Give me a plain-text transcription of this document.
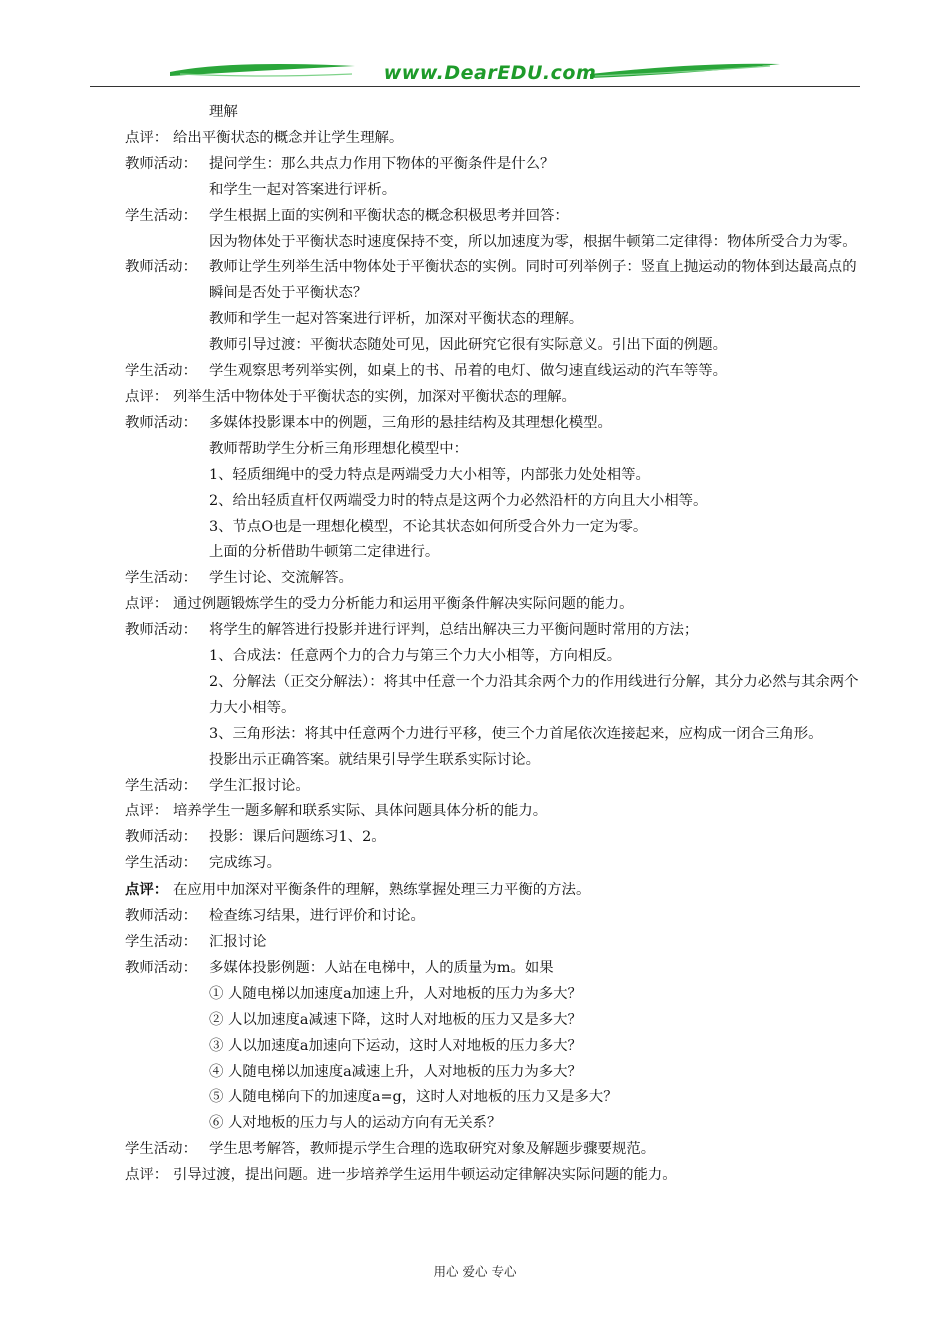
www.DearEDU.com
理解
点评： 给出平衡状态的概念并让学生理解。
教师活动： 提问学生：那么共点力作用下物体的平衡条件是什么？
和学生一起对答案进行评析。
学生活动： 学生根据上面的实例和平衡状态的概念积极思考并回答：
因为物体处于平衡状态时速度保持不变，所以加速度为零，根据牛顿第二定律得：物体所受合力为零。
教师活动： 教师让学生列举生活中物体处于平衡状态的实例。同时可列举例子：竖直上抛运动的物体到达最高点的瞬间是否处于平衡状态？
教师和学生一起对答案进行评析，加深对平衡状态的理解。
教师引导过渡：平衡状态随处可见，因此研究它很有实际意义。引出下面的例题。
学生活动： 学生观察思考列举实例，如桌上的书、吊着的电灯、做匀速直线运动的汽车等等。
点评： 列举生活中物体处于平衡状态的实例，加深对平衡状态的理解。
教师活动： 多媒体投影课本中的例题，三角形的悬挂结构及其理想化模型。
教师帮助学生分析三角形理想化模型中：
1、轻质细绳中的受力特点是两端受力大小相等，内部张力处处相等。
2、给出轻质直杆仅两端受力时的特点是这两个力必然沿杆的方向且大小相等。
3、节点O也是一理想化模型，不论其状态如何所受合外力一定为零。
上面的分析借助牛顿第二定律进行。
学生活动： 学生讨论、交流解答。
点评： 通过例题锻炼学生的受力分析能力和运用平衡条件解决实际问题的能力。
教师活动： 将学生的解答进行投影并进行评判，总结出解决三力平衡问题时常用的方法；
1、合成法：任意两个力的合力与第三个力大小相等，方向相反。
2、分解法（正交分解法）：将其中任意一个力沿其余两个力的作用线进行分解，其分力必然与其余两个力大小相等。
3、三角形法：将其中任意两个力进行平移，使三个力首尾依次连接起来，应构成一闭合三角形。
投影出示正确答案。就结果引导学生联系实际讨论。
学生活动： 学生汇报讨论。
点评： 培养学生一题多解和联系实际、具体问题具体分析的能力。
教师活动： 投影：课后问题练习1、2。
学生活动： 完成练习。
点评： 在应用中加深对平衡条件的理解，熟练掌握处理三力平衡的方法。
教师活动： 检查练习结果，进行评价和讨论。
学生活动： 汇报讨论
教师活动： 多媒体投影例题：人站在电梯中，人的质量为m。如果
① 人随电梯以加速度a加速上升，人对地板的压力为多大？
② 人以加速度a减速下降，这时人对地板的压力又是多大？
③ 人以加速度a加速向下运动，这时人对地板的压力多大？
④ 人随电梯以加速度a减速上升，人对地板的压力为多大？
⑤ 人随电梯向下的加速度a=g，这时人对地板的压力又是多大？
⑥ 人对地板的压力与人的运动方向有无关系？
学生活动： 学生思考解答，教师提示学生合理的选取研究对象及解题步骤要规范。
点评： 引导过渡，提出问题。进一步培养学生运用牛顿运动定律解决实际问题的能力。
用心 爱心 专心
